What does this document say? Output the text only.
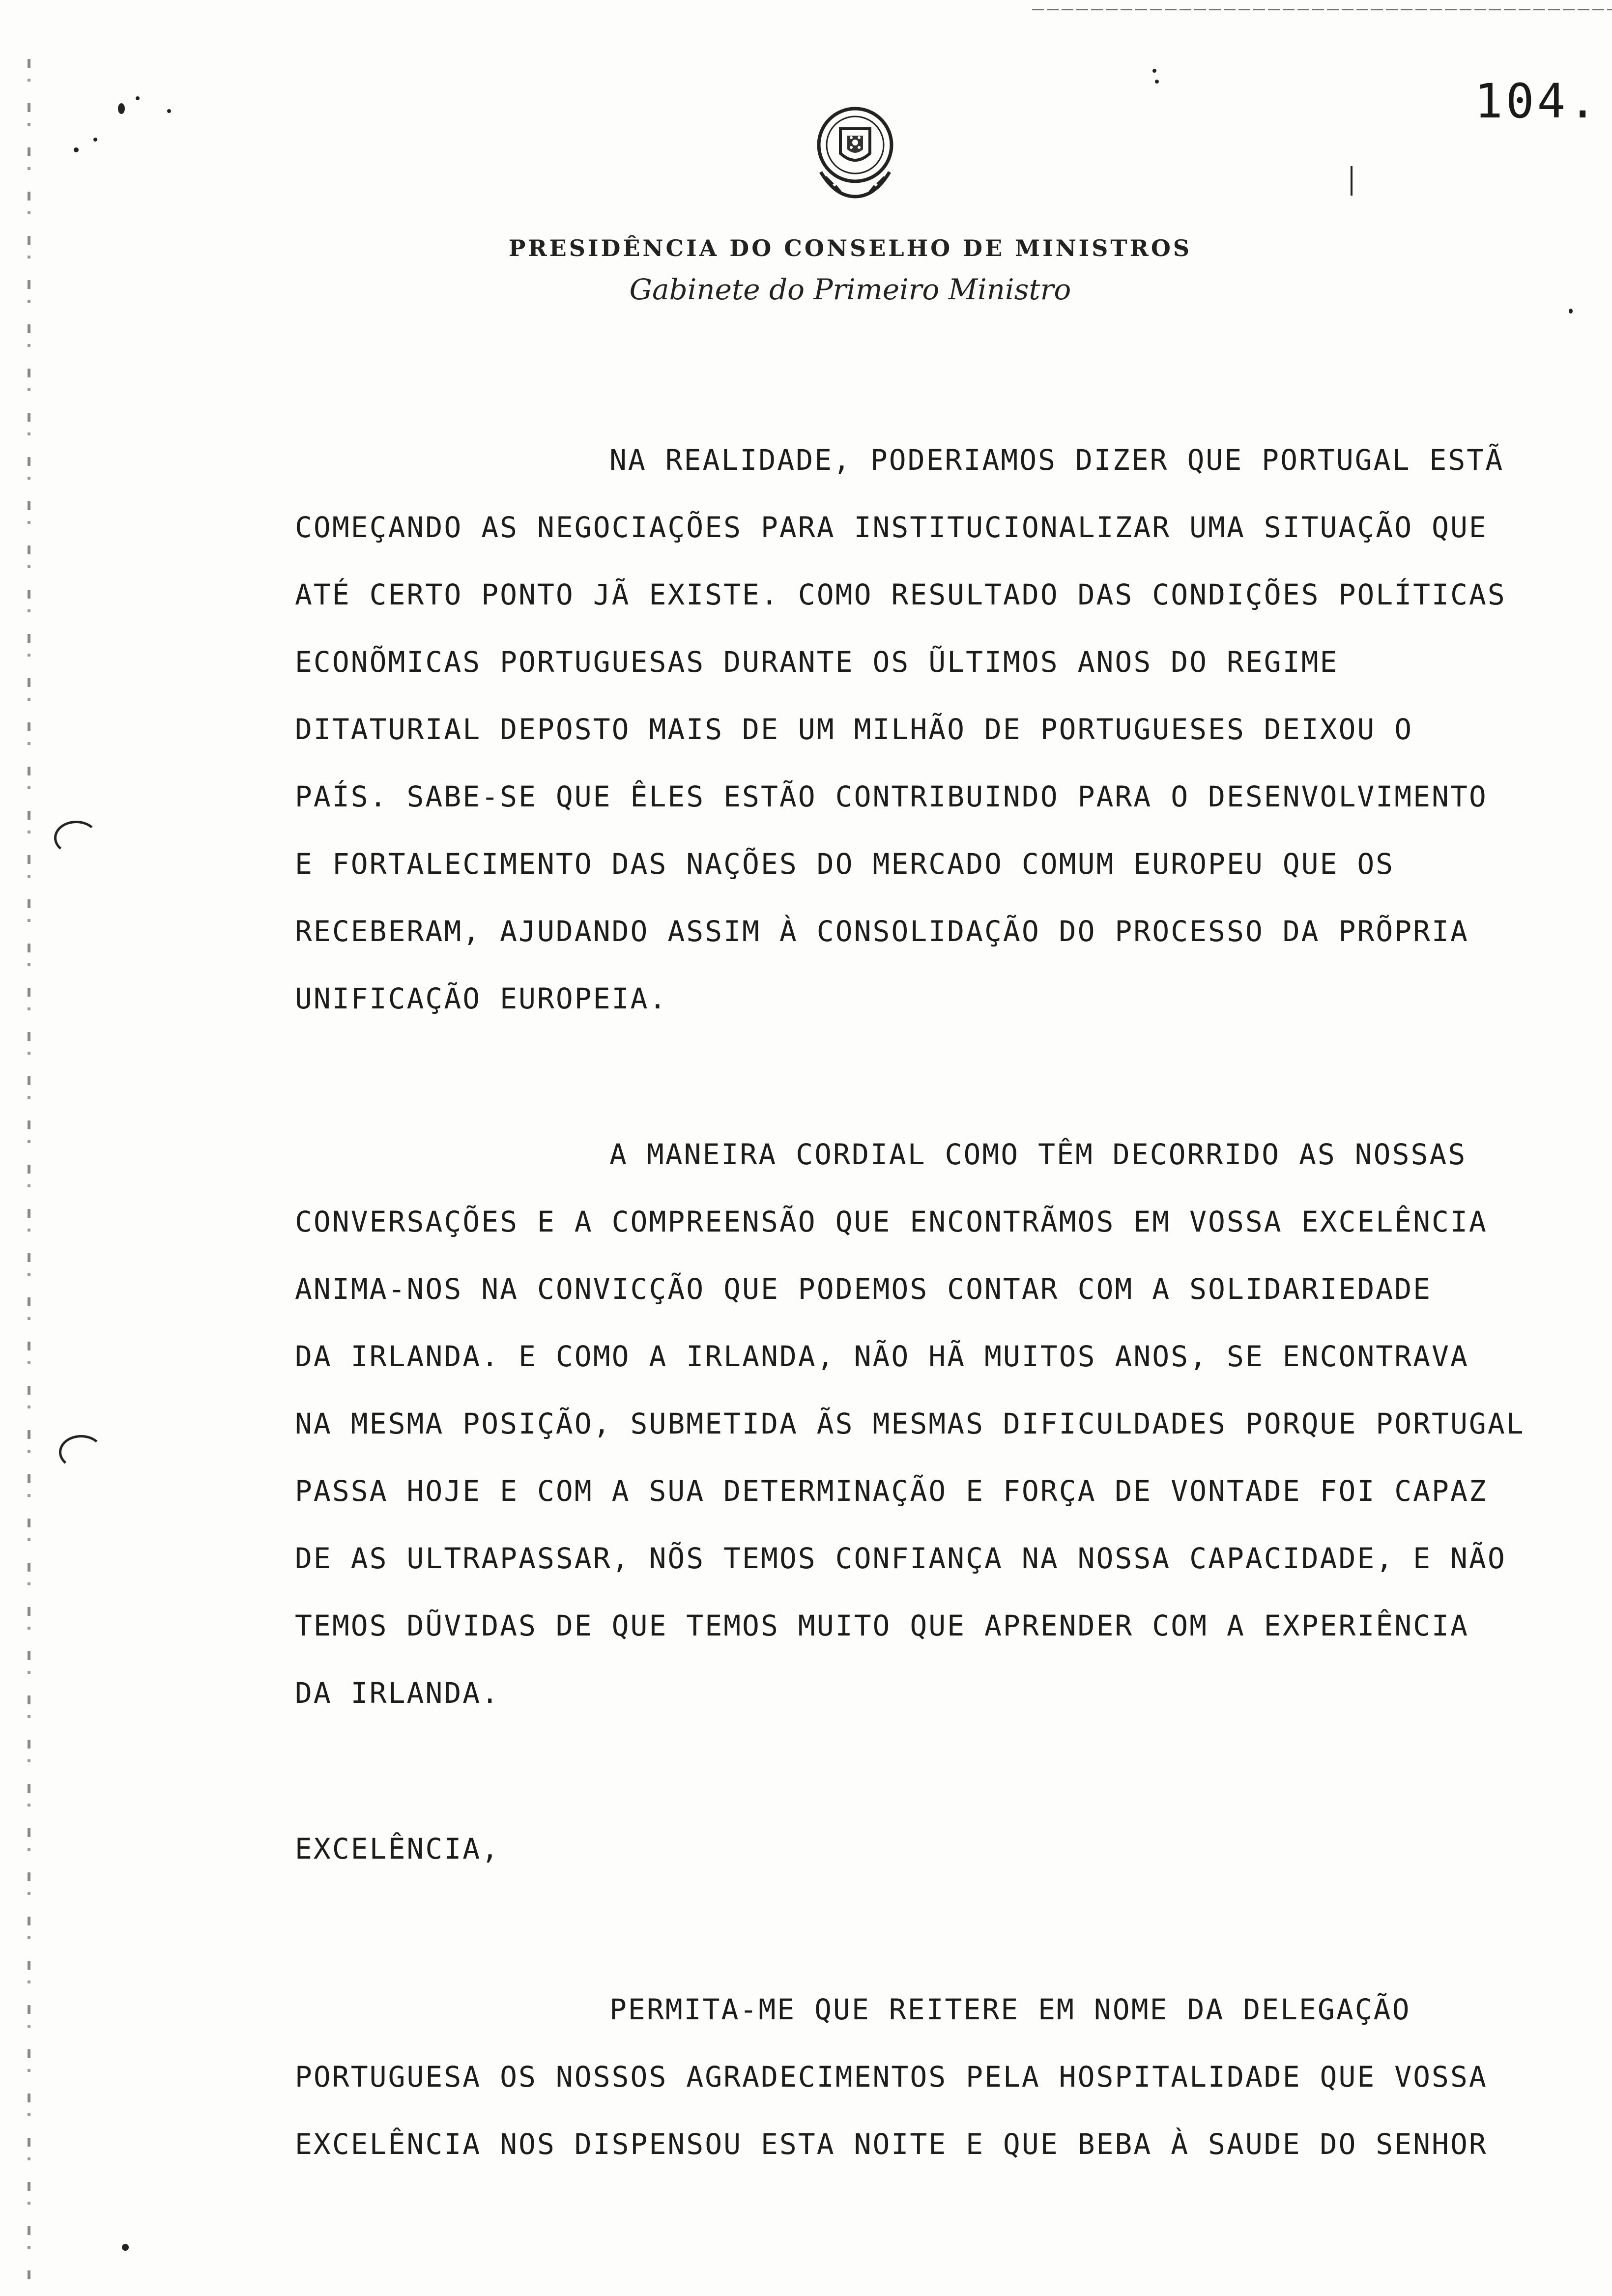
104.
PRESIDÊNCIA DO CONSELHO DE MINISTROS
Gabinete do Primeiro Ministro
NA REALIDADE, PODERIAMOS DIZER QUE PORTUGAL ESTÃ
COMEÇANDO AS NEGOCIAÇÕES PARA INSTITUCIONALIZAR UMA SITUAÇÃO QUE
ATÉ CERTO PONTO JÃ EXISTE. COMO RESULTADO DAS CONDIÇÕES POLÍTICAS
ECONÕMICAS PORTUGUESAS DURANTE OS ŨLTIMOS ANOS DO REGIME
DITATURIAL DEPOSTO MAIS DE UM MILHÃO DE PORTUGUESES DEIXOU O
PAÍS. SABE-SE QUE ÊLES ESTÃO CONTRIBUINDO PARA O DESENVOLVIMENTO
E FORTALECIMENTO DAS NAÇÕES DO MERCADO COMUM EUROPEU QUE OS
RECEBERAM, AJUDANDO ASSIM À CONSOLIDAÇÃO DO PROCESSO DA PRÕPRIA
UNIFICAÇÃO EUROPEIA.
A MANEIRA CORDIAL COMO TÊM DECORRIDO AS NOSSAS
CONVERSAÇÕES E A COMPREENSÃO QUE ENCONTRÃMOS EM VOSSA EXCELÊNCIA
ANIMA-NOS NA CONVICÇÃO QUE PODEMOS CONTAR COM A SOLIDARIEDADE
DA IRLANDA. E COMO A IRLANDA, NÃO HÃ MUITOS ANOS, SE ENCONTRAVA
NA MESMA POSIÇÃO, SUBMETIDA ÃS MESMAS DIFICULDADES PORQUE PORTUGAL
PASSA HOJE E COM A SUA DETERMINAÇÃO E FORÇA DE VONTADE FOI CAPAZ
DE AS ULTRAPASSAR, NÕS TEMOS CONFIANÇA NA NOSSA CAPACIDADE, E NÃO
TEMOS DŨVIDAS DE QUE TEMOS MUITO QUE APRENDER COM A EXPERIÊNCIA
DA IRLANDA.
EXCELÊNCIA,
PERMITA-ME QUE REITERE EM NOME DA DELEGAÇÃO
PORTUGUESA OS NOSSOS AGRADECIMENTOS PELA HOSPITALIDADE QUE VOSSA
EXCELÊNCIA NOS DISPENSOU ESTA NOITE E QUE BEBA À SAUDE DO SENHOR
